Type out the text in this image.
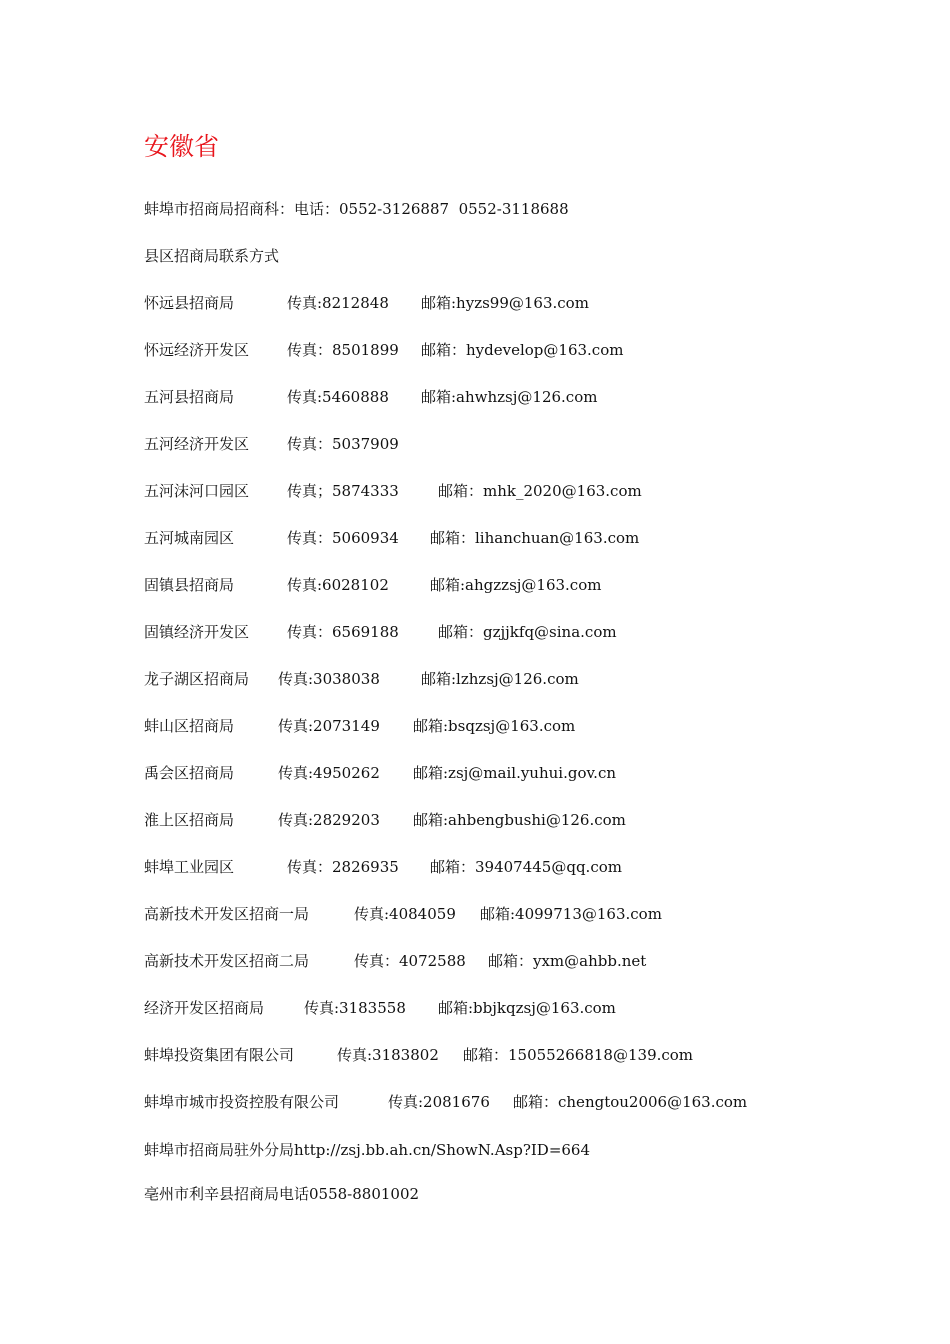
安徽省
蚌埠市招商局招商科：电话：0552-3126887  0552-3118688
县区招商局联系方式
怀远县招商局	传真:8212848 邮箱:hyzs99@163.com
怀远经济开发区	传真：8501899 邮箱：hydevelop@163.com
五河县招商局	传真:5460888 邮箱:ahwhzsj@126.com
五河经济开发区	传真：5037909
五河沫河口园区	传真；5874333	邮箱：mhk_2020@163.com
五河城南园区	传真：5060934 邮箱：lihanchuan@163.com
固镇县招商局	传真:6028102	邮箱:ahgzzsj@163.com
固镇经济开发区	传真：6569188	邮箱：gzjjkfq@sina.com
龙子湖区招商局 传真:3038038	邮箱:lzhzsj@126.com
蚌山区招商局	传真:2073149 邮箱:bsqzsj@163.com
禹会区招商局	传真:4950262 邮箱:zsj@mail.yuhui.gov.cn
淮上区招商局	传真:2829203 邮箱:ahbengbushi@126.com
蚌埠工业园区	传真：2826935 邮箱：39407445@qq.com
高新技术开发区招商一局	传真:4084059 邮箱:4099713@163.com
高新技术开发区招商二局	传真：4072588 邮箱：yxm@ahbb.net
经济开发区招商局	传真:3183558 邮箱:bbjkqzsj@163.com
蚌埠投资集团有限公司	传真:3183802 邮箱：15055266818@139.com
蚌埠市城市投资控股有限公司	传真:2081676 邮箱：chengtou2006@163.com
蚌埠市招商局驻外分局http://zsj.bb.ah.cn/ShowN.Asp?ID=664
亳州市利辛县招商局电话0558-8801002
